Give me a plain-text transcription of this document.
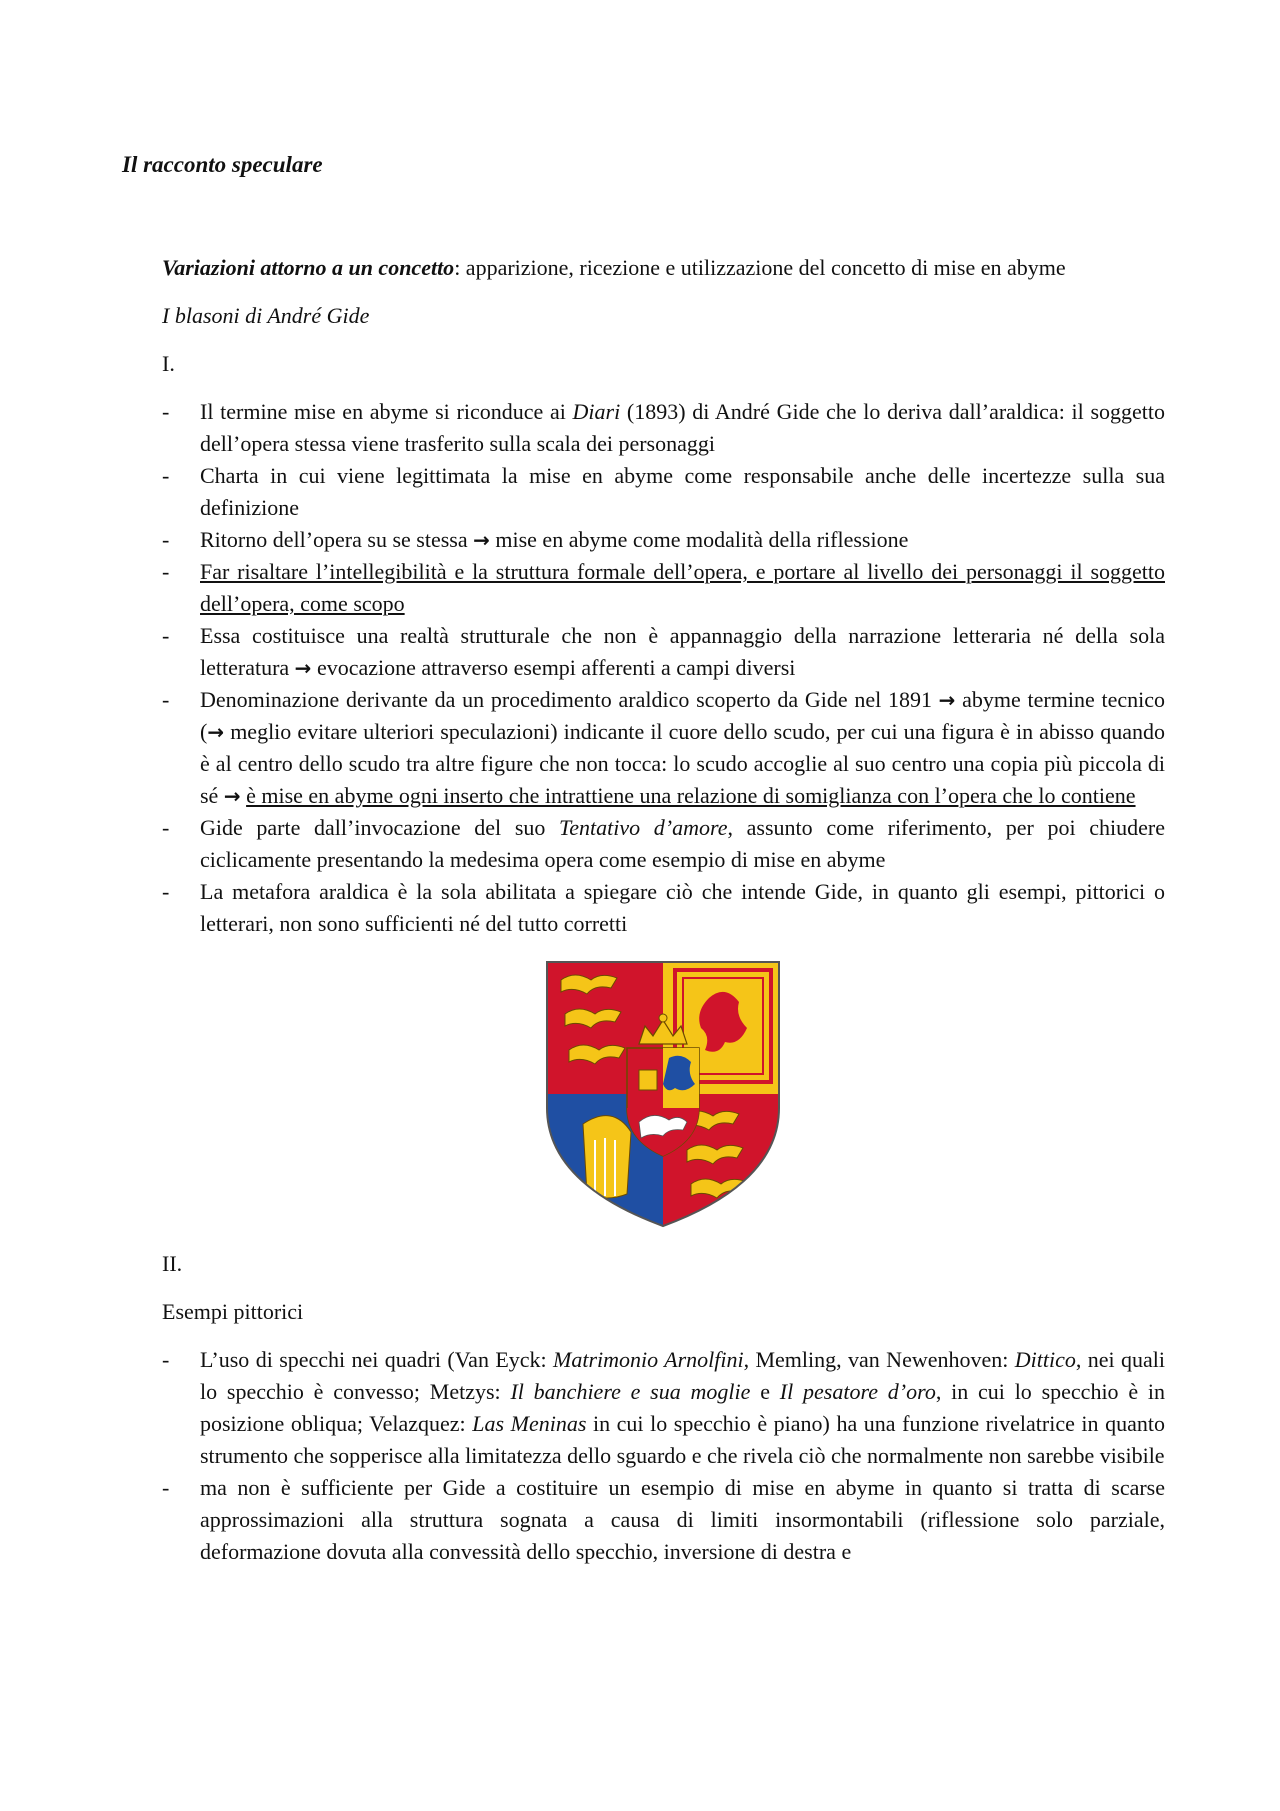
Il racconto speculare

Variazioni attorno a un concetto: apparizione, ricezione e utilizzazione del concetto di mise en abyme

I blasoni di André Gide

I.

- Il termine mise en abyme si riconduce ai Diari (1893) di André Gide che lo deriva dall’araldica: il soggetto dell’opera stessa viene trasferito sulla scala dei personaggi
- Charta in cui viene legittimata la mise en abyme come responsabile anche delle incertezze sulla sua definizione
- Ritorno dell’opera su se stessa → mise en abyme come modalità della riflessione
- Far risaltare l’intellegibilità e la struttura formale dell’opera, e portare al livello dei personaggi il soggetto dell’opera, come scopo
- Essa costituisce una realtà strutturale che non è appannaggio della narrazione letteraria né della sola letteratura → evocazione attraverso esempi afferenti a campi diversi
- Denominazione derivante da un procedimento araldico scoperto da Gide nel 1891 → abyme termine tecnico (→ meglio evitare ulteriori speculazioni) indicante il cuore dello scudo, per cui una figura è in abisso quando è al centro dello scudo tra altre figure che non tocca: lo scudo accoglie al suo centro una copia più piccola di sé → è mise en abyme ogni inserto che intrattiene una relazione di somiglianza con l’opera che lo contiene
- Gide parte dall’invocazione del suo Tentativo d’amore, assunto come riferimento, per poi chiudere ciclicamente presentando la medesima opera come esempio di mise en abyme
- La metafora araldica è la sola abilitata a spiegare ciò che intende Gide, in quanto gli esempi, pittorici o letterari, non sono sufficienti né del tutto corretti

II.

Esempi pittorici

- L’uso di specchi nei quadri (Van Eyck: Matrimonio Arnolfini, Memling, van Newenhoven: Dittico, nei quali lo specchio è convesso; Metzys: Il banchiere e sua moglie e Il pesatore d’oro, in cui lo specchio è in posizione obliqua; Velazquez: Las Meninas in cui lo specchio è piano) ha una funzione rivelatrice in quanto strumento che sopperisce alla limitatezza dello sguardo e che rivela ciò che normalmente non sarebbe visibile
- ma non è sufficiente per Gide a costituire un esempio di mise en abyme in quanto si tratta di scarse approssimazioni alla struttura sognata a causa di limiti insormontabili (riflessione solo parziale, deformazione dovuta alla convessità dello specchio, inversione di destra e
